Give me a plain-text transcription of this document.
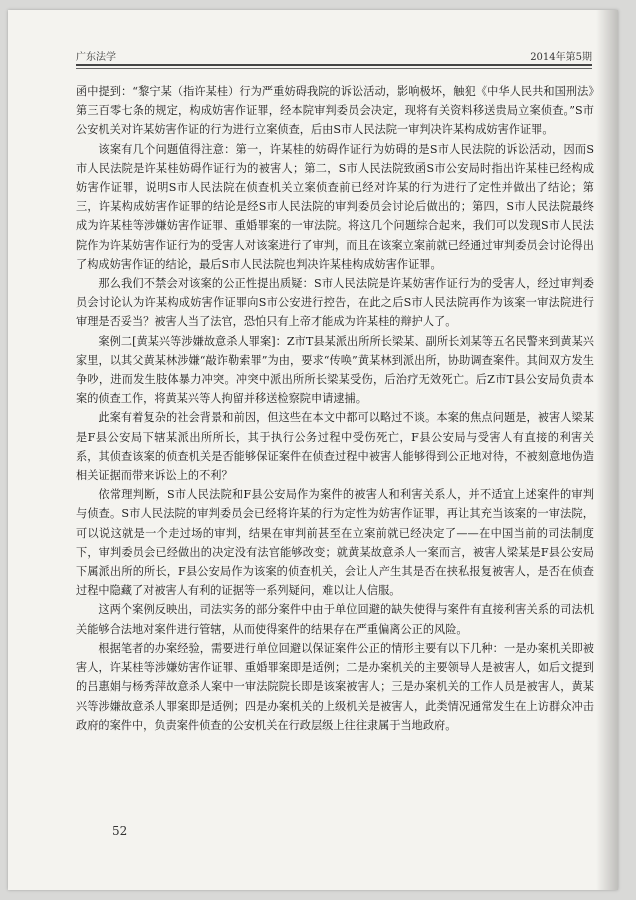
广东法学	2014年第5期

函中提到：“黎宁某（指许某桂）行为严重妨碍我院的诉讼活动，影响极坏，触犯《中华人民共和国刑法》第三百零七条的规定，构成妨害作证罪，经本院审判委员会决定，现将有关资料移送贵局立案侦查。”S市公安机关对许某妨害作证的行为进行立案侦查，后由S市人民法院一审判决许某构成妨害作证罪。

该案有几个问题值得注意：第一，许某桂的妨碍作证行为妨碍的是S市人民法院的诉讼活动，因而S市人民法院是许某桂妨碍作证行为的被害人；第二，S市人民法院致函S市公安局时指出许某桂已经构成妨害作证罪，说明S市人民法院在侦查机关立案侦查前已经对许某的行为进行了定性并做出了结论；第三，许某构成妨害作证罪的结论是经S市人民法院的审判委员会讨论后做出的；第四，S市人民法院最终成为许某桂等涉嫌妨害作证罪、重婚罪案的一审法院。将这几个问题综合起来，我们可以发现S市人民法院作为许某妨害作证行为的受害人对该案进行了审判，而且在该案立案前就已经通过审判委员会讨论得出了构成妨害作证的结论，最后S市人民法院也判决许某桂构成妨害作证罪。

那么我们不禁会对该案的公正性提出质疑：S市人民法院是许某妨害作证行为的受害人，经过审判委员会讨论认为许某构成妨害作证罪向S市公安进行控告，在此之后S市人民法院再作为该案一审法院进行审理是否妥当？被害人当了法官，恐怕只有上帝才能成为许某桂的辩护人了。

案例二[黄某兴等涉嫌故意杀人罪案]：Z市T县某派出所所长梁某、副所长刘某等五名民警来到黄某兴家里，以其父黄某林涉嫌“敲诈勒索罪”为由，要求“传唤”黄某林到派出所，协助调查案件。其间双方发生争吵，进而发生肢体暴力冲突。冲突中派出所所长梁某受伤，后治疗无效死亡。后Z市T县公安局负责本案的侦查工作，将黄某兴等人拘留并移送检察院申请逮捕。

此案有着复杂的社会背景和前因，但这些在本文中都可以略过不谈。本案的焦点问题是，被害人梁某是F县公安局下辖某派出所所长，其于执行公务过程中受伤死亡，F县公安局与受害人有直接的利害关系，其侦查该案的侦查机关是否能够保证案件在侦查过程中被害人能够得到公正地对待，不被刻意地伪造相关证据而带来诉讼上的不利？

依常理判断，S市人民法院和F县公安局作为案件的被害人和利害关系人，并不适宜上述案件的审判与侦查。S市人民法院的审判委员会已经将许某的行为定性为妨害作证罪，再让其充当该案的一审法院，可以说这就是一个走过场的审判，结果在审判前甚至在立案前就已经决定了——在中国当前的司法制度下，审判委员会已经做出的决定没有法官能够改变；就黄某故意杀人一案而言，被害人梁某是F县公安局下属派出所的所长，F县公安局作为该案的侦查机关，会让人产生其是否在挟私报复被害人，是否在侦查过程中隐藏了对被害人有利的证据等一系列疑问，难以让人信服。

这两个案例反映出，司法实务的部分案件中由于单位回避的缺失使得与案件有直接利害关系的司法机关能够合法地对案件进行管辖，从而使得案件的结果存在严重偏离公正的风险。

根据笔者的办案经验，需要进行单位回避以保证案件公正的情形主要有以下几种：一是办案机关即被害人，许某桂等涉嫌妨害作证罪、重婚罪案即是适例；二是办案机关的主要领导人是被害人，如后文提到的吕惠娟与杨秀萍故意杀人案中一审法院院长即是该案被害人；三是办案机关的工作人员是被害人，黄某兴等涉嫌故意杀人罪案即是适例；四是办案机关的上级机关是被害人，此类情况通常发生在上访群众冲击政府的案件中，负责案件侦查的公安机关在行政层级上往往隶属于当地政府。

52
